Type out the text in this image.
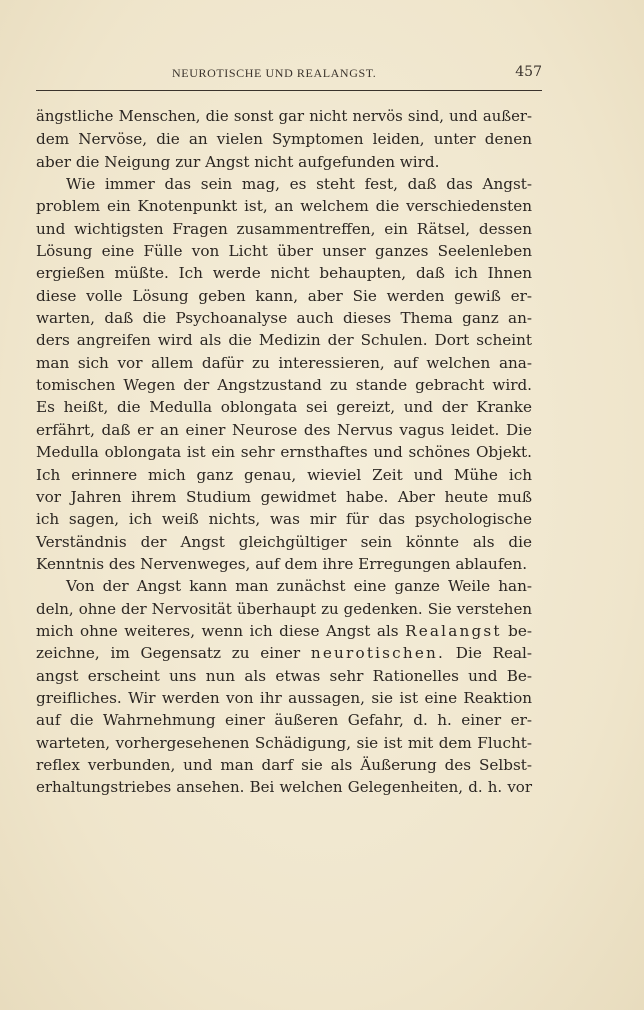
NEUROTISCHE UND REALANGST.	457
ängstliche Menschen, die sonst gar nicht nervös sind, und außer-
dem Nervöse, die an vielen Symptomen leiden, unter denen
aber die Neigung zur Angst nicht aufgefunden wird.
Wie immer das sein mag, es steht fest, daß das Angst-
problem ein Knotenpunkt ist, an welchem die verschiedensten
und wichtigsten Fragen zusammentreffen, ein Rätsel, dessen
Lösung eine Fülle von Licht über unser ganzes Seelenleben
ergießen müßte. Ich werde nicht behaupten, daß ich Ihnen
diese volle Lösung geben kann, aber Sie werden gewiß er-
warten, daß die Psychoanalyse auch dieses Thema ganz an-
ders angreifen wird als die Medizin der Schulen. Dort scheint
man sich vor allem dafür zu interessieren, auf welchen ana-
tomischen Wegen der Angstzustand zu stande gebracht wird.
Es heißt, die Medulla oblongata sei gereizt, und der Kranke
erfährt, daß er an einer Neurose des Nervus vagus leidet. Die
Medulla oblongata ist ein sehr ernsthaftes und schönes Objekt.
Ich erinnere mich ganz genau, wieviel Zeit und Mühe ich
vor Jahren ihrem Studium gewidmet habe. Aber heute muß
ich sagen, ich weiß nichts, was mir für das psychologische
Verständnis der Angst gleichgültiger sein könnte als die
Kenntnis des Nervenweges, auf dem ihre Erregungen ablaufen.
Von der Angst kann man zunächst eine ganze Weile han-
deln, ohne der Nervosität überhaupt zu gedenken. Sie verstehen
mich ohne weiteres, wenn ich diese Angst als Realangst be-
zeichne, im Gegensatz zu einer neurotischen. Die Real-
angst erscheint uns nun als etwas sehr Rationelles und Be-
greifliches. Wir werden von ihr aussagen, sie ist eine Reaktion
auf die Wahrnehmung einer äußeren Gefahr, d. h. einer er-
warteten, vorhergesehenen Schädigung, sie ist mit dem Flucht-
reflex verbunden, und man darf sie als Äußerung des Selbst-
erhaltungstriebes ansehen. Bei welchen Gelegenheiten, d. h. vor
